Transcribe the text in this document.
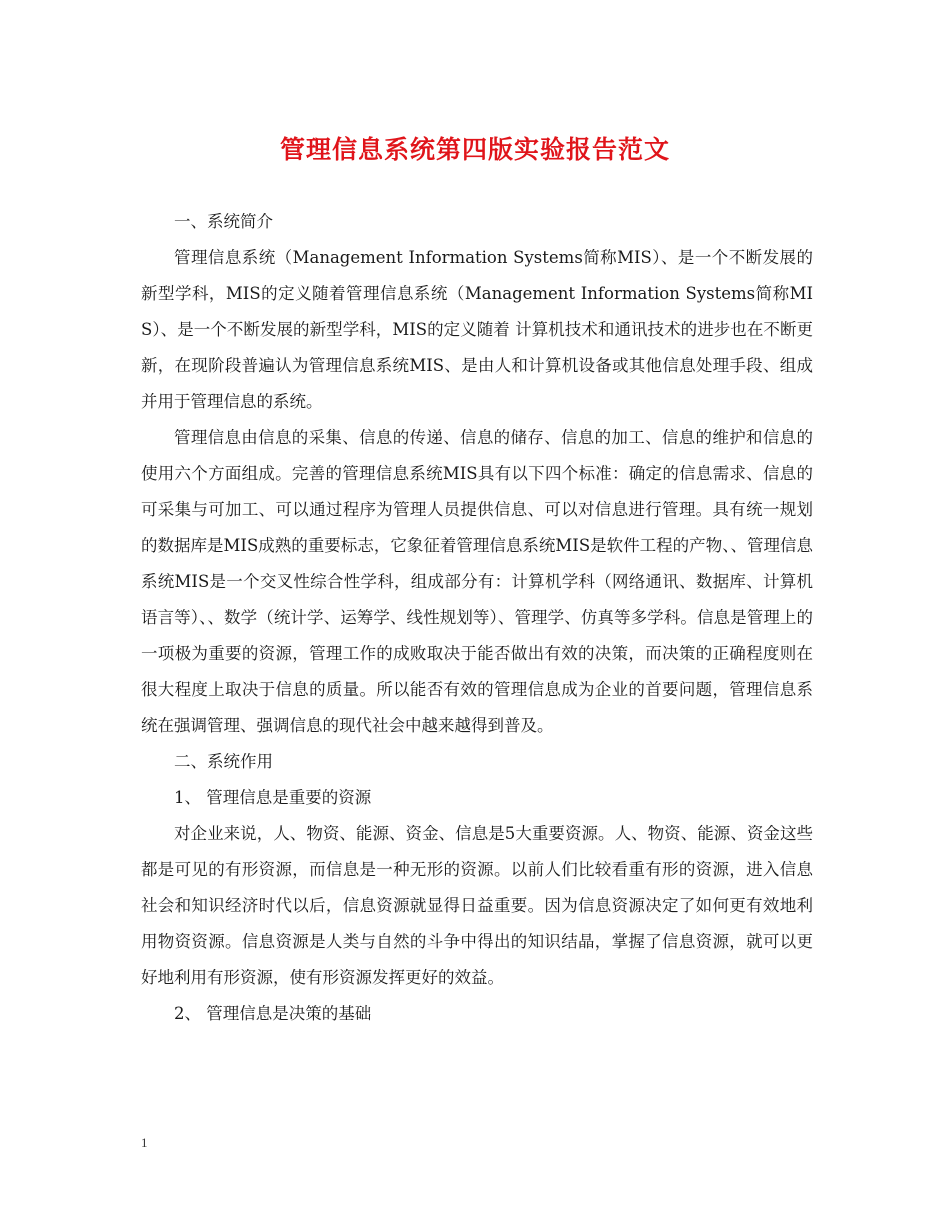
管理信息系统第四版实验报告范文

一、系统简介

管理信息系统（Management Information Systems简称MIS）、是一个不断发展的新型学科，MIS的定义随着管理信息系统（Management Information Systems简称MIS）、是一个不断发展的新型学科，MIS的定义随着 计算机技术和通讯技术的进步也在不断更新，在现阶段普遍认为管理信息系统MIS、是由人和计算机设备或其他信息处理手段、组成并用于管理信息的系统。

管理信息由信息的采集、信息的传递、信息的储存、信息的加工、信息的维护和信息的使用六个方面组成。完善的管理信息系统MIS具有以下四个标准：确定的信息需求、信息的可采集与可加工、可以通过程序为管理人员提供信息、可以对信息进行管理。具有统一规划的数据库是MIS成熟的重要标志，它象征着管理信息系统MIS是软件工程的产物、、管理信息系统MIS是一个交叉性综合性学科，组成部分有：计算机学科（网络通讯、数据库、计算机语言等）、、数学（统计学、运筹学、线性规划等）、管理学、仿真等多学科。信息是管理上的一项极为重要的资源，管理工作的成败取决于能否做出有效的决策，而决策的正确程度则在很大程度上取决于信息的质量。所以能否有效的管理信息成为企业的首要问题，管理信息系统在强调管理、强调信息的现代社会中越来越得到普及。

二、系统作用

1、 管理信息是重要的资源

对企业来说，人、物资、能源、资金、信息是5大重要资源。人、物资、能源、资金这些都是可见的有形资源，而信息是一种无形的资源。以前人们比较看重有形的资源，进入信息社会和知识经济时代以后，信息资源就显得日益重要。因为信息资源决定了如何更有效地利用物资资源。信息资源是人类与自然的斗争中得出的知识结晶，掌握了信息资源，就可以更好地利用有形资源，使有形资源发挥更好的效益。

2、 管理信息是决策的基础

1
